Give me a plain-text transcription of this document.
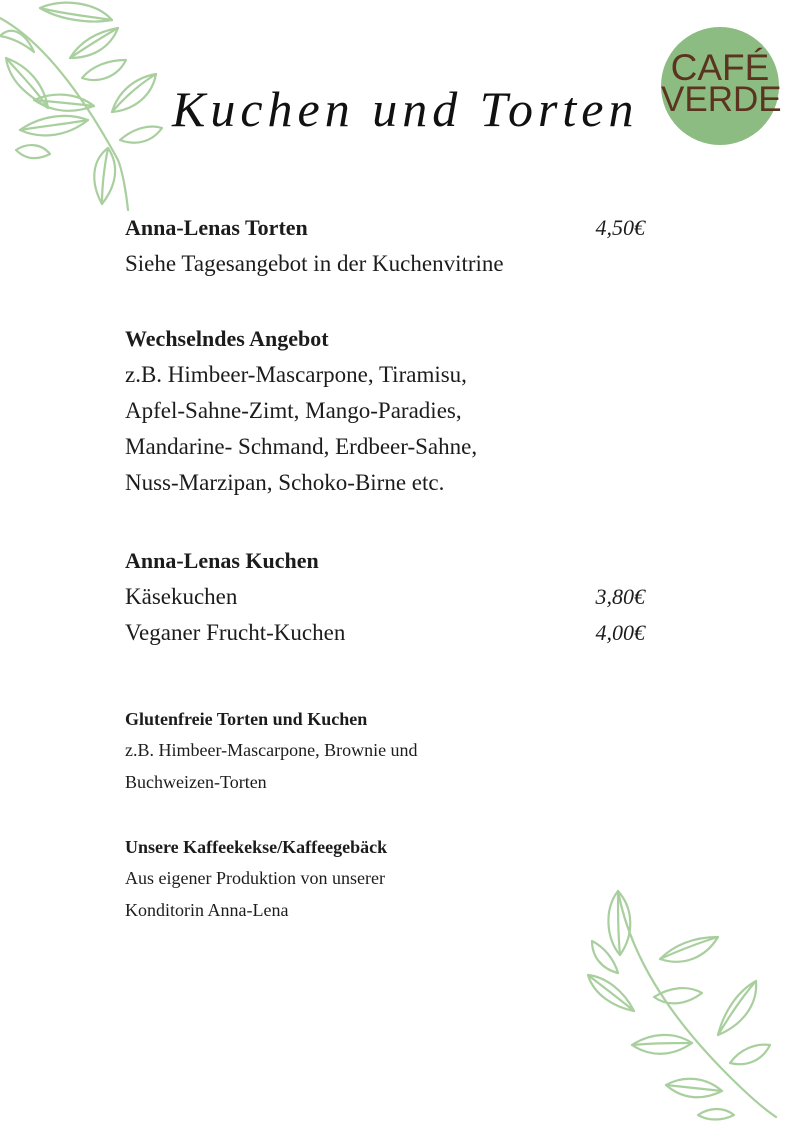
CAFÉ
VERDE
Kuchen und Torten
Anna-Lenas Torten	4,50€
Siehe Tagesangebot in der Kuchenvitrine
Wechselndes Angebot
z.B. Himbeer-Mascarpone, Tiramisu,
Apfel-Sahne-Zimt, Mango-Paradies,
Mandarine- Schmand, Erdbeer-Sahne,
Nuss-Marzipan, Schoko-Birne etc.
Anna-Lenas Kuchen
Käsekuchen	3,80€
Veganer Frucht-Kuchen	4,00€
Glutenfreie Torten und Kuchen
z.B. Himbeer-Mascarpone, Brownie und
Buchweizen-Torten
Unsere Kaffeekekse/Kaffeegebäck
Aus eigener Produktion von unserer
Konditorin Anna-Lena
